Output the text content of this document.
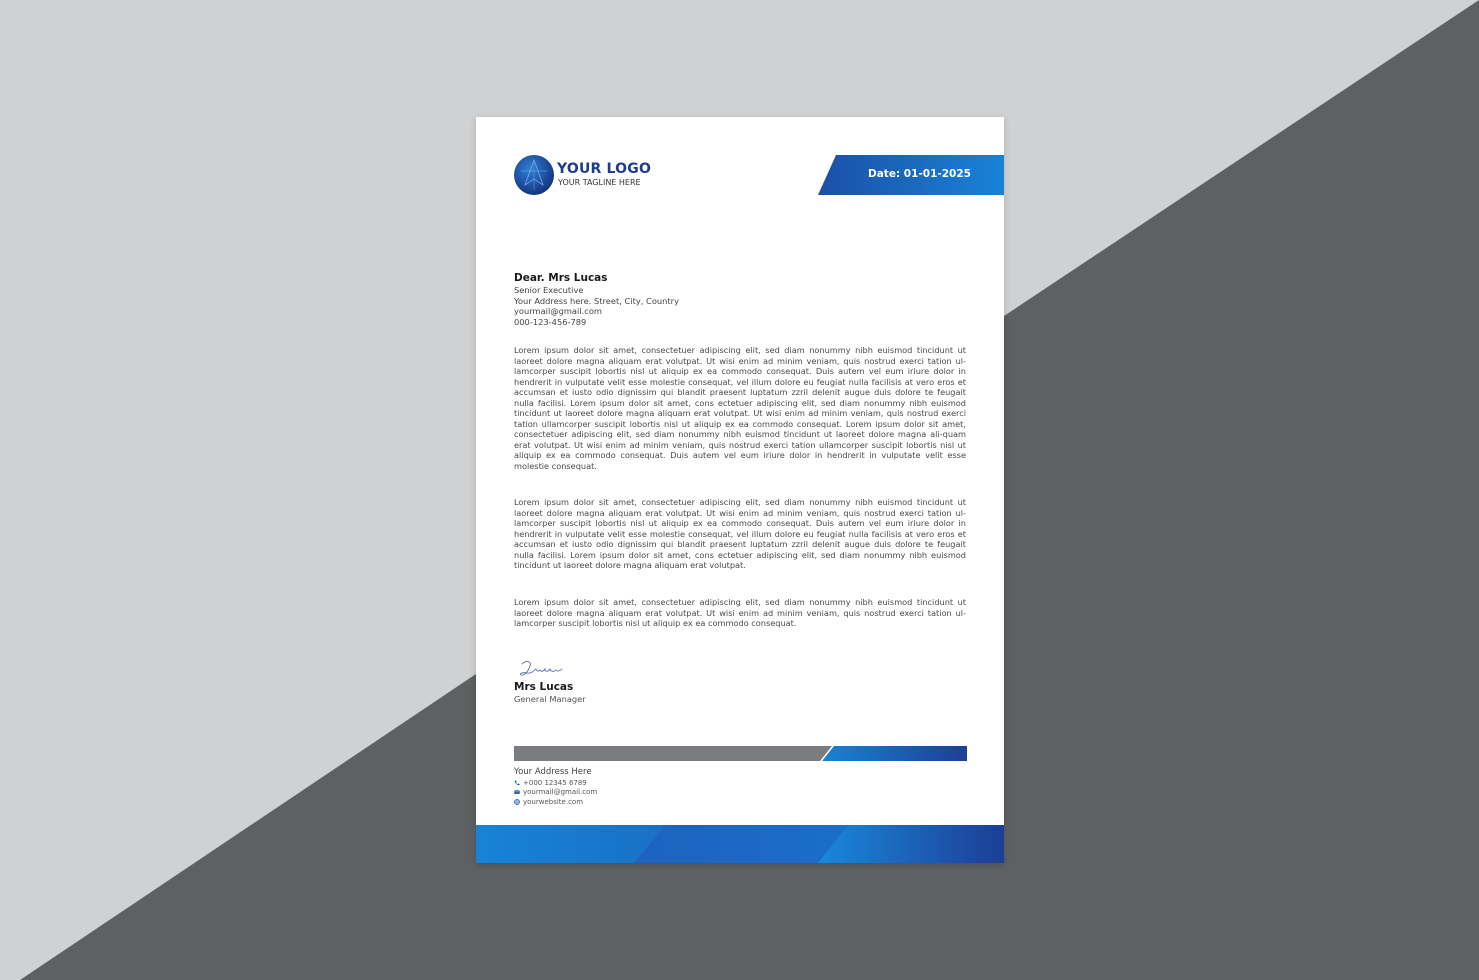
YOUR LOGO
YOUR TAGLINE HERE
Date: 01-01-2025
Dear. Mrs Lucas
Senior Executive
Your Address here. Street, City, Country
yourmail@gmail.com
000-123-456-789

Lorem ipsum dolor sit amet, consectetuer adipiscing elit, sed diam nonummy nibh euismod tincidunt ut laoreet dolore magna aliquam erat volutpat. Ut wisi enim ad minim veniam, quis nostrud exerci tation ul-lamcorper suscipit lobortis nisl ut aliquip ex ea commodo consequat. Duis autem vel eum iriure dolor in hendrerit in vulputate velit esse molestie consequat, vel illum dolore eu feugiat nulla facilisis at vero eros et accumsan et iusto odio dignissim qui blandit praesent luptatum zzril delenit augue duis dolore te feugait nulla facilisi. Lorem ipsum dolor sit amet, cons ectetuer adipiscing elit, sed diam nonummy nibh euismod tincidunt ut laoreet dolore magna aliquam erat volutpat. Ut wisi enim ad minim veniam, quis nostrud exerci tation ullamcorper suscipit lobortis nisl ut aliquip ex ea commodo consequat. Lorem ipsum dolor sit amet, consectetuer adipiscing elit, sed diam nonummy nibh euismod tincidunt ut laoreet dolore magna ali-quam erat volutpat. Ut wisi enim ad minim veniam, quis nostrud exerci tation ullamcorper suscipit lobortis nisl ut aliquip ex ea commodo consequat. Duis autem vel eum iriure dolor in hendrerit in vulputate velit esse molestie consequat.

Lorem ipsum dolor sit amet, consectetuer adipiscing elit, sed diam nonummy nibh euismod tincidunt ut laoreet dolore magna aliquam erat volutpat. Ut wisi enim ad minim veniam, quis nostrud exerci tation ul-lamcorper suscipit lobortis nisl ut aliquip ex ea commodo consequat. Duis autem vel eum iriure dolor in hendrerit in vulputate velit esse molestie consequat, vel illum dolore eu feugiat nulla facilisis at vero eros et accumsan et iusto odio dignissim qui blandit praesent luptatum zzril delenit augue duis dolore te feugait nulla facilisi. Lorem ipsum dolor sit amet, cons ectetuer adipiscing elit, sed diam nonummy nibh euismod tincidunt ut laoreet dolore magna aliquam erat volutpat.

Lorem ipsum dolor sit amet, consectetuer adipiscing elit, sed diam nonummy nibh euismod tincidunt ut laoreet dolore magna aliquam erat volutpat. Ut wisi enim ad minim veniam, quis nostrud exerci tation ul-lamcorper suscipit lobortis nisl ut aliquip ex ea commodo consequat.

Mrs Lucas
General Manager
Your Address Here
+000 12345 6789
yourmail@gmail.com
yourwebsite.com
